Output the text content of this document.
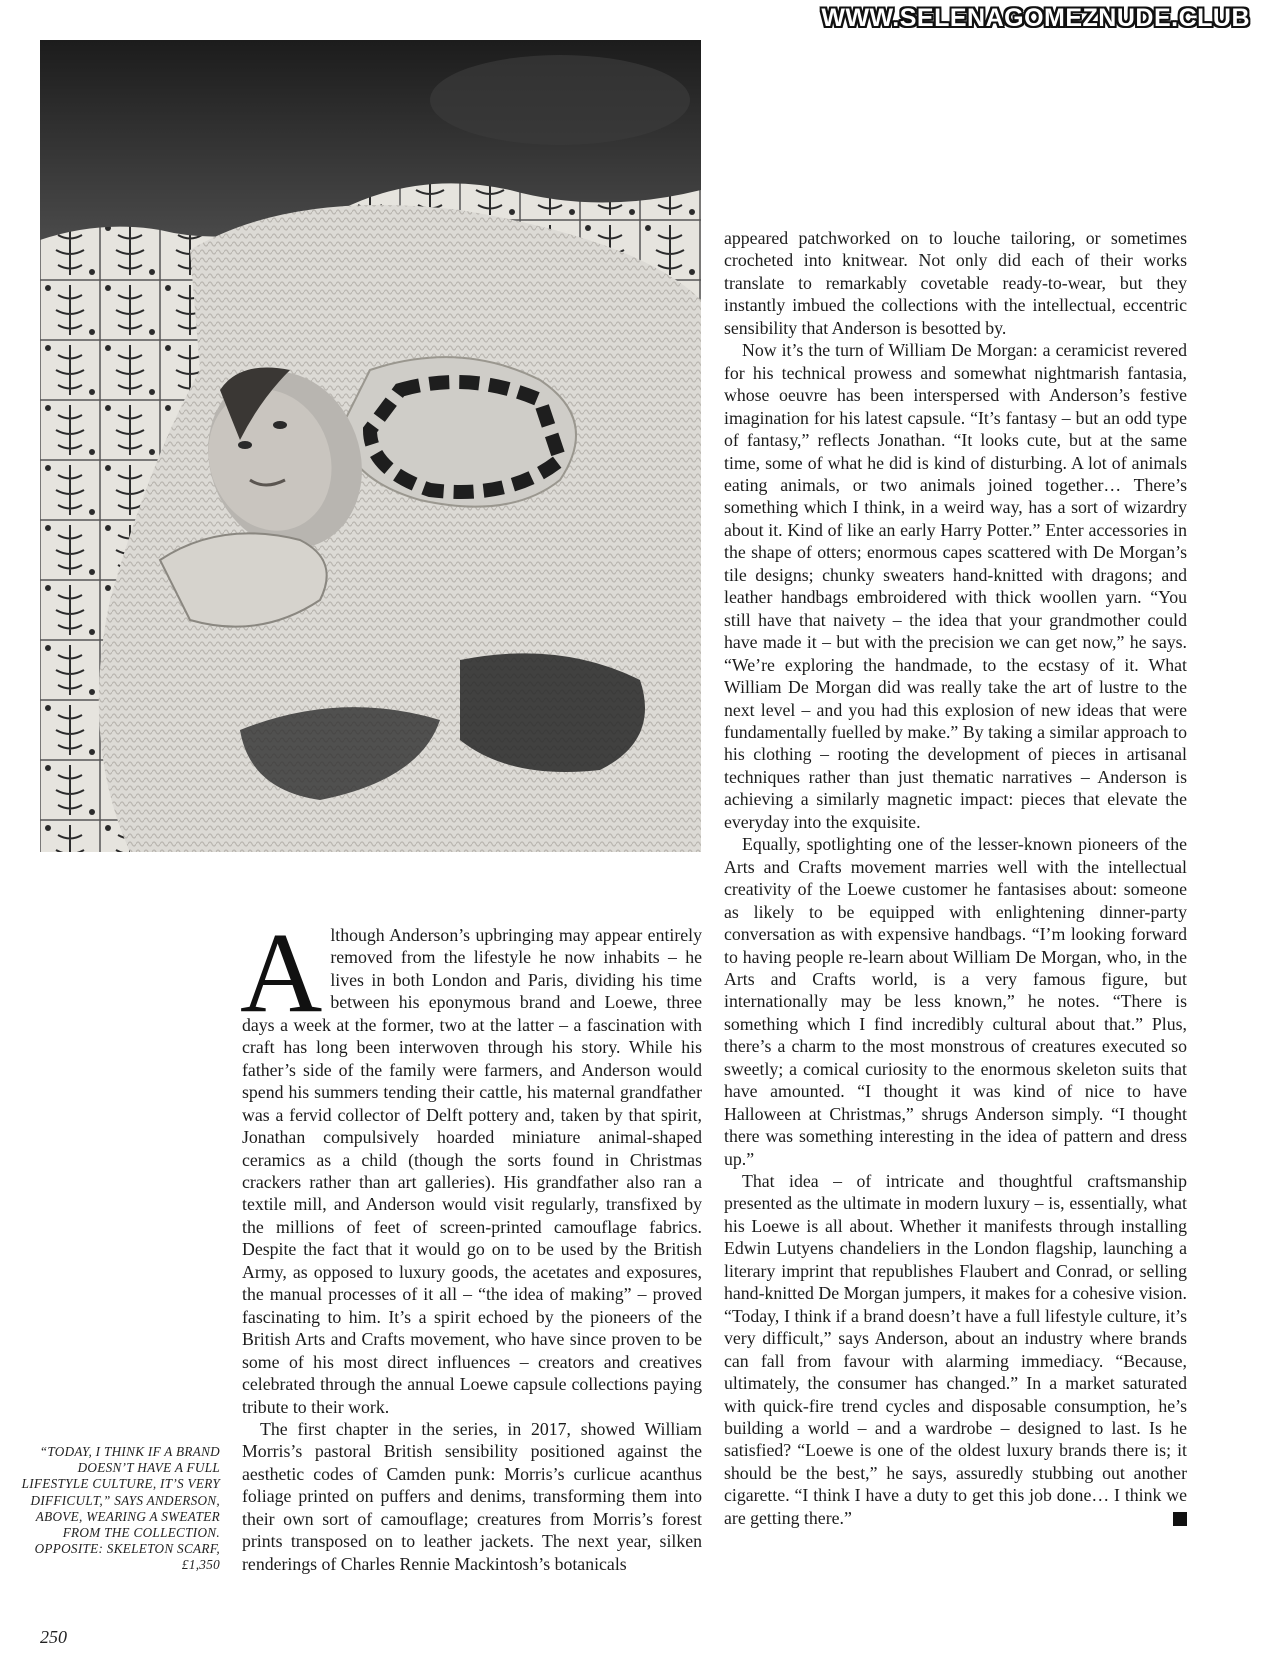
WWW.SELENAGOMEZNUDE.CLUB

Although Anderson’s upbringing may appear entirely removed from the lifestyle he now inhabits – he lives in both London and Paris, dividing his time between his eponymous brand and Loewe, three days a week at the former, two at the latter – a fascination with craft has long been interwoven through his story. While his father’s side of the family were farmers, and Anderson would spend his summers tending their cattle, his maternal grandfather was a fervid collector of Delft pottery and, taken by that spirit, Jonathan compulsively hoarded miniature animal-shaped ceramics as a child (though the sorts found in Christmas crackers rather than art galleries). His grandfather also ran a textile mill, and Anderson would visit regularly, transfixed by the millions of feet of screen-printed camouflage fabrics. Despite the fact that it would go on to be used by the British Army, as opposed to luxury goods, the acetates and exposures, the manual processes of it all – “the idea of making” – proved fascinating to him. It’s a spirit echoed by the pioneers of the British Arts and Crafts movement, who have since proven to be some of his most direct influences – creators and creatives celebrated through the annual Loewe capsule collections paying tribute to their work.

The first chapter in the series, in 2017, showed William Morris’s pastoral British sensibility positioned against the aesthetic codes of Camden punk: Morris’s curlicue acanthus foliage printed on puffers and denims, transforming them into their own sort of camouflage; creatures from Morris’s forest prints transposed on to leather jackets. The next year, silken renderings of Charles Rennie Mackintosh’s botanicals

appeared patchworked on to louche tailoring, or sometimes crocheted into knitwear. Not only did each of their works translate to remarkably covetable ready-to-wear, but they instantly imbued the collections with the intellectual, eccentric sensibility that Anderson is besotted by.

Now it’s the turn of William De Morgan: a ceramicist revered for his technical prowess and somewhat nightmarish fantasia, whose oeuvre has been interspersed with Anderson’s festive imagination for his latest capsule. “It’s fantasy – but an odd type of fantasy,” reflects Jonathan. “It looks cute, but at the same time, some of what he did is kind of disturbing. A lot of animals eating animals, or two animals joined together… There’s something which I think, in a weird way, has a sort of wizardry about it. Kind of like an early Harry Potter.” Enter accessories in the shape of otters; enormous capes scattered with De Morgan’s tile designs; chunky sweaters hand-knitted with dragons; and leather handbags embroidered with thick woollen yarn. “You still have that naivety – the idea that your grandmother could have made it – but with the precision we can get now,” he says. “We’re exploring the handmade, to the ecstasy of it. What William De Morgan did was really take the art of lustre to the next level – and you had this explosion of new ideas that were fundamentally fuelled by make.” By taking a similar approach to his clothing – rooting the development of pieces in artisanal techniques rather than just thematic narratives – Anderson is achieving a similarly magnetic impact: pieces that elevate the everyday into the exquisite.

Equally, spotlighting one of the lesser-known pioneers of the Arts and Crafts movement marries well with the intellectual creativity of the Loewe customer he fantasises about: someone as likely to be equipped with enlightening dinner-party conversation as with expensive handbags. “I’m looking forward to having people re-learn about William De Morgan, who, in the Arts and Crafts world, is a very famous figure, but internationally may be less known,” he notes. “There is something which I find incredibly cultural about that.” Plus, there’s a charm to the most monstrous of creatures executed so sweetly; a comical curiosity to the enormous skeleton suits that have amounted. “I thought it was kind of nice to have Halloween at Christmas,” shrugs Anderson simply. “I thought there was something interesting in the idea of pattern and dress up.”

That idea – of intricate and thoughtful craftsmanship presented as the ultimate in modern luxury – is, essentially, what his Loewe is all about. Whether it manifests through installing Edwin Lutyens chandeliers in the London flagship, launching a literary imprint that republishes Flaubert and Conrad, or selling hand-knitted De Morgan jumpers, it makes for a cohesive vision. “Today, I think if a brand doesn’t have a full lifestyle culture, it’s very difficult,” says Anderson, about an industry where brands can fall from favour with alarming immediacy. “Because, ultimately, the consumer has changed.” In a market saturated with quick-fire trend cycles and disposable consumption, he’s building a world – and a wardrobe – designed to last. Is he satisfied? “Loewe is one of the oldest luxury brands there is; it should be the best,” he says, assuredly stubbing out another cigarette. “I think I have a duty to get this job done… I think we are getting there.”

“TODAY, I THINK IF A BRAND DOESN’T HAVE A FULL LIFESTYLE CULTURE, IT’S VERY DIFFICULT,” SAYS ANDERSON, ABOVE, WEARING A SWEATER FROM THE COLLECTION. OPPOSITE: SKELETON SCARF, £1,350
250
